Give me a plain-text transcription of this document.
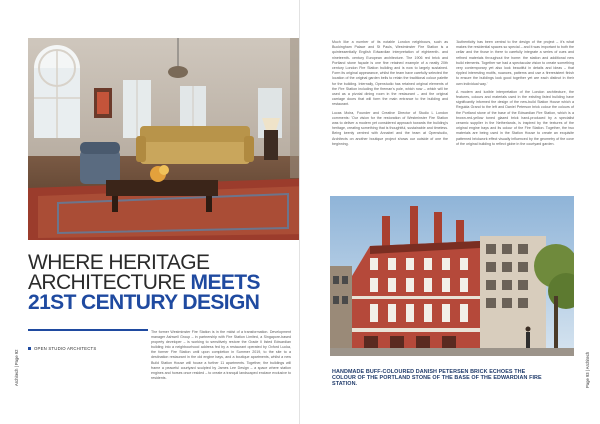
WHERE HERITAGE
ARCHITECTURE MEETS
21ST CENTURY DESIGN
OPEN STUDIO ARCHITECTS
The former Westminster Fire Station is in the midst of a transformation. Development manager Ashwell Group – in partnership with Fire Station Limited, a Singapore-based property developer – is working to sensitively restore the Grade II listed Edwardian building into a neighbourhood address fed by a restaurant operated by Oxford Lucka, the former Fire Station until upon completion in Summer 2019, to the site to a destination restaurant in the old engine bays, and a boutique apartments, whilst a new Build Station House will house a further 11 apartments. Together, the buildings will frame a peaceful courtyard sculpted by James Lee Design – a space where station engines and horses once resided – to create a tranquil landscaped enclave exclusive to residents.
Architech | Page 92

Much like a number of its notable London neighbours, such as Buckingham Palace and St Pauls, Westminster Fire Station is a quintessentially English Edwardian interpretation of eighteenth- and nineteenth- century European architecture. The 1906 red brick and Portland stone façade is one fine retained example of a neatly 20th century London Fire Station building and is now to largely sustained. Form its original appearance, whilst the team have carefully selected the location of the original garden bells to retain the traditional colour palette for the building. Internally, Openstudio has retained original elements of the Fire Station including the fireman's pole, which now – which will be used as a pivotal dining room in the restaurant – and the original carriage doors that will form the main entrance to the building and restaurant.

Lucas Moira, Founder and Creative Director of Studio L London comments: 'Our vision for the restoration of Westminster Fire Station was to deliver a modern yet considered approach towards the building's heritage, creating something that is thoughtful, sustainable and timeless. Being keenly centred with Annabel and the team at Openstudio, Architects on another boutique project shows our outside of one the beginning.

'Authenticity has been central to the design of the project – it's what makes the residential spaces so special – and it was important to both the cellar and the those in there to carefully integrate a series of cues and refined materials throughout the home: the station and additional new build elements. Together we had a spectacular vision to create something very contemporary yet also look beautiful in details and ideas – that rippled interesting motifs, nuances, patterns and use a fireresistent finish to ensure the buildings look good together yet are each distinct in their own individual way.'

A modern and luxible interpretation of the London architecture, the features, colours and materials used in the existing listed building have significantly informed the design of the new-build Station House which a Reguida Grand to the left and Daniel Peterson brick colour the colours of the Portland stone of the base of the Edwardian Fire Station, which is a brown-red-yellow toned glazed brick hand-produced by a specialist ceramic supplier in the Netherlands, is inspired by the textures of the original engine bays and its colour of the Fire Station. Together, the two materials are being used in the Station House to create an exquisite patterned brickwork effect visually influenced by the geometry of the cove of the original building to reflect globe in the courtyard garden.

HANDMADE BUFF-COLOURED DANISH PETERSEN BRICK ECHOES THE COLOUR OF THE PORTLAND STONE OF THE BASE OF THE EDWARDIAN FIRE STATION.	Page 93 | Architech
